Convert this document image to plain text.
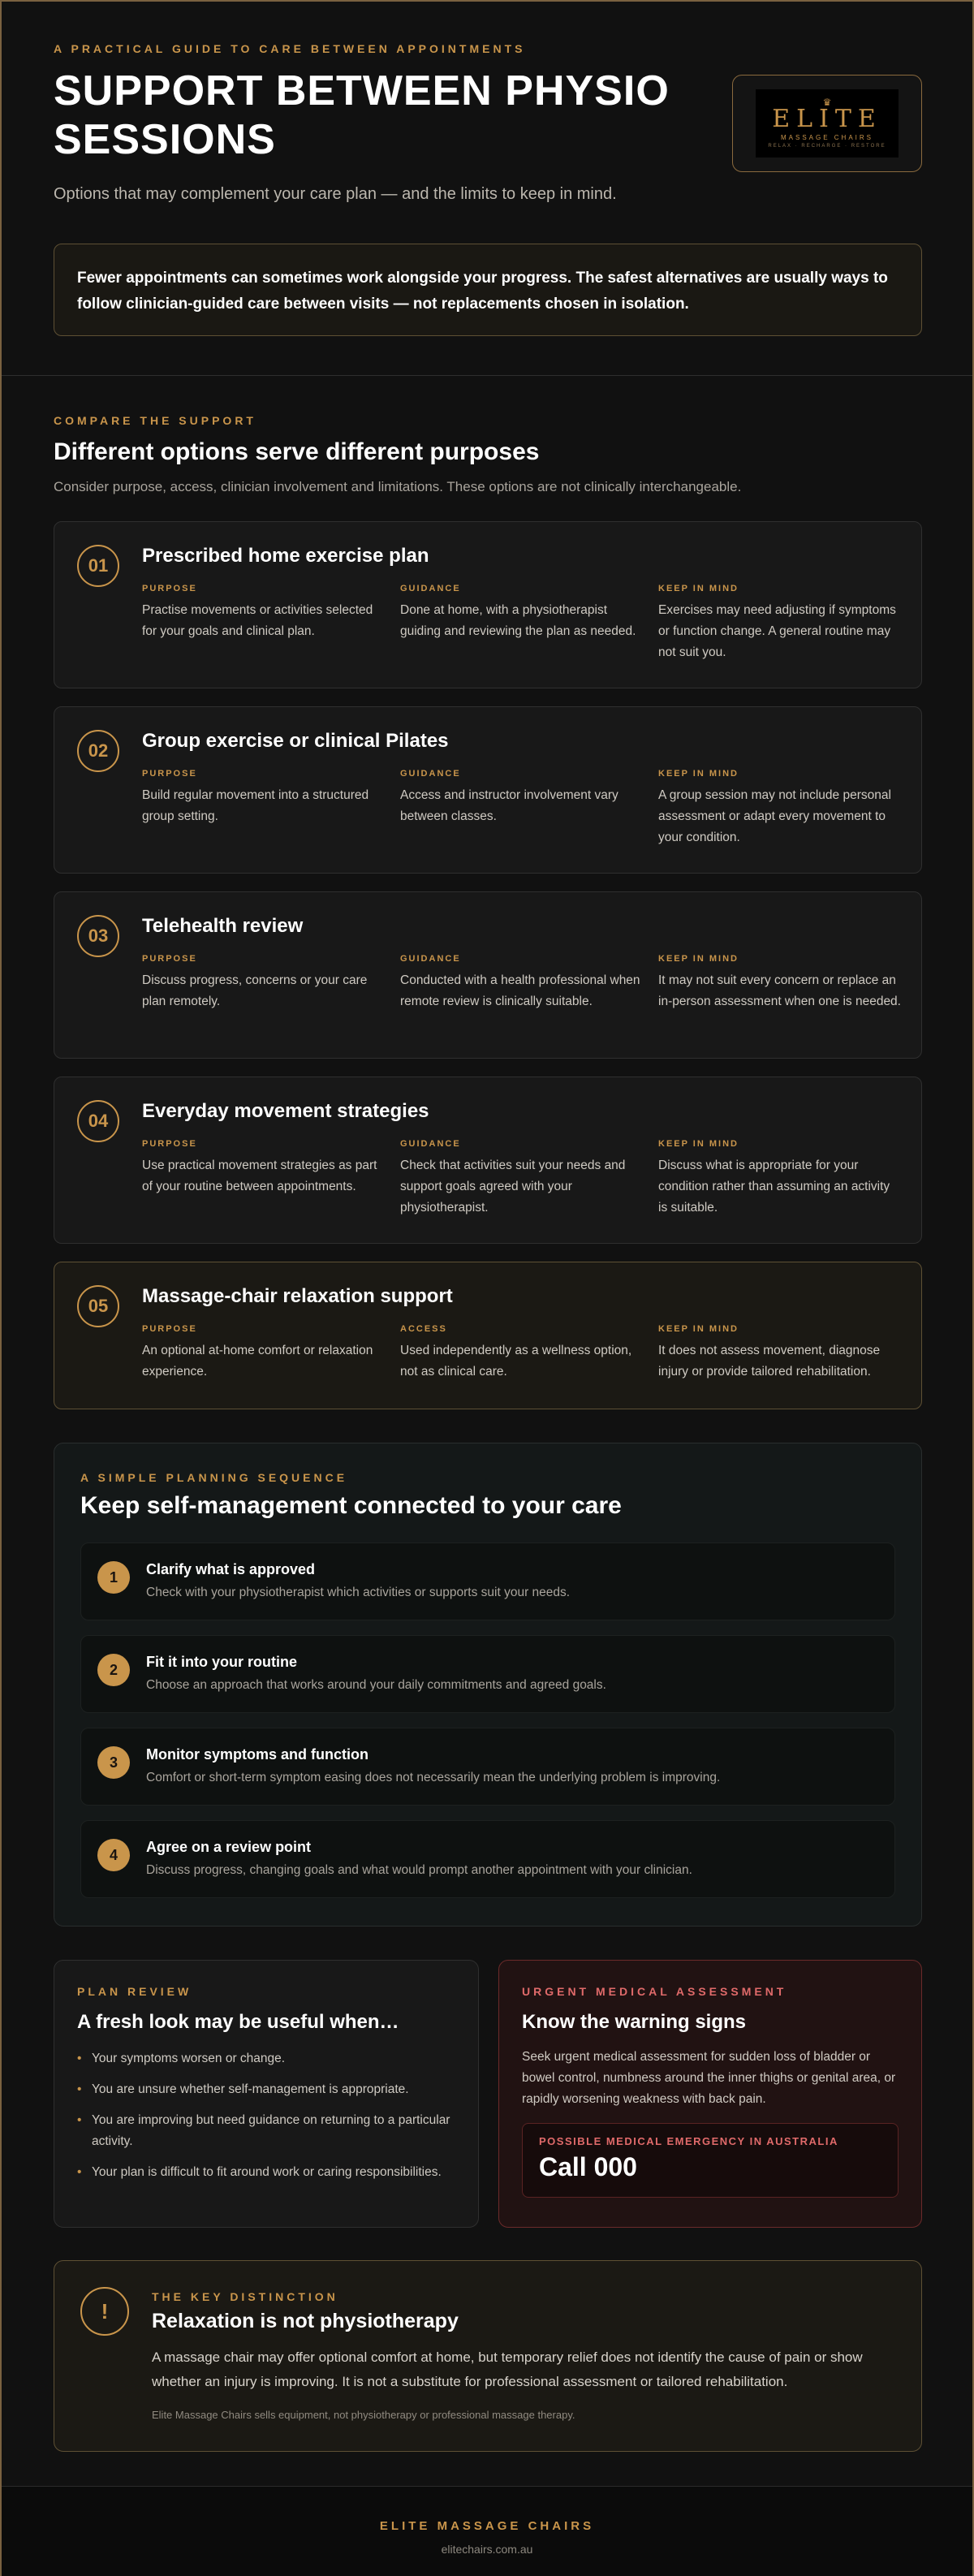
A PRACTICAL GUIDE TO CARE BETWEEN APPOINTMENTS
SUPPORT BETWEEN PHYSIO SESSIONS

Options that may complement your care plan — and the limits to keep in mind.

♛
ELITE
MASSAGE CHAIRS
RELAX · RECHARGE · RESTORE
Fewer appointments can sometimes work alongside your progress. The safest alternatives are usually ways to follow clinician-guided care between visits — not replacements chosen in isolation.
COMPARE THE SUPPORT
Different options serve different purposes

Consider purpose, access, clinician involvement and limitations. These options are not clinically interchangeable.

01	Prescribed home exercise plan
PURPOSE
Practise movements or activities selected for your goals and clinical plan.
GUIDANCE
Done at home, with a physiotherapist guiding and reviewing the plan as needed.
KEEP IN MIND
Exercises may need adjusting if symptoms or function change. A general routine may not suit you.
02	Group exercise or clinical Pilates
PURPOSE
Build regular movement into a structured group setting.
GUIDANCE
Access and instructor involvement vary between classes.
KEEP IN MIND
A group session may not include personal assessment or adapt every movement to your condition.
03	Telehealth review
PURPOSE
Discuss progress, concerns or your care plan remotely.
GUIDANCE
Conducted with a health professional when remote review is clinically suitable.
KEEP IN MIND
It may not suit every concern or replace an in-person assessment when one is needed.
04	Everyday movement strategies
PURPOSE
Use practical movement strategies as part of your routine between appointments.
GUIDANCE
Check that activities suit your needs and support goals agreed with your physiotherapist.
KEEP IN MIND
Discuss what is appropriate for your condition rather than assuming an activity is suitable.
05	Massage-chair relaxation support
PURPOSE
An optional at-home comfort or relaxation experience.
ACCESS
Used independently as a wellness option, not as clinical care.
KEEP IN MIND
It does not assess movement, diagnose injury or provide tailored rehabilitation.
A SIMPLE PLANNING SEQUENCE
Keep self-management connected to your care
1	Clarify what is approved
Check with your physiotherapist which activities or supports suit your needs.
2	Fit it into your routine
Choose an approach that works around your daily commitments and agreed goals.
3	Monitor symptoms and function
Comfort or short-term symptom easing does not necessarily mean the underlying problem is improving.
4	Agree on a review point
Discuss progress, changing goals and what would prompt another appointment with your clinician.
PLAN REVIEW
A fresh look may be useful when…
• Your symptoms worsen or change.
• You are unsure whether self-management is appropriate.
• You are improving but need guidance on returning to a particular activity.
• Your plan is difficult to fit around work or caring responsibilities.
URGENT MEDICAL ASSESSMENT
Know the warning signs

Seek urgent medical assessment for sudden loss of bladder or bowel control, numbness around the inner thighs or genital area, or rapidly worsening weakness with back pain.

POSSIBLE MEDICAL EMERGENCY IN AUSTRALIA
Call 000
!
THE KEY DISTINCTION
Relaxation is not physiotherapy

A massage chair may offer optional comfort at home, but temporary relief does not identify the cause of pain or show whether an injury is improving. It is not a substitute for professional assessment or tailored rehabilitation.

Elite Massage Chairs sells equipment, not physiotherapy or professional massage therapy.

ELITE MASSAGE CHAIRS
elitechairs.com.au
